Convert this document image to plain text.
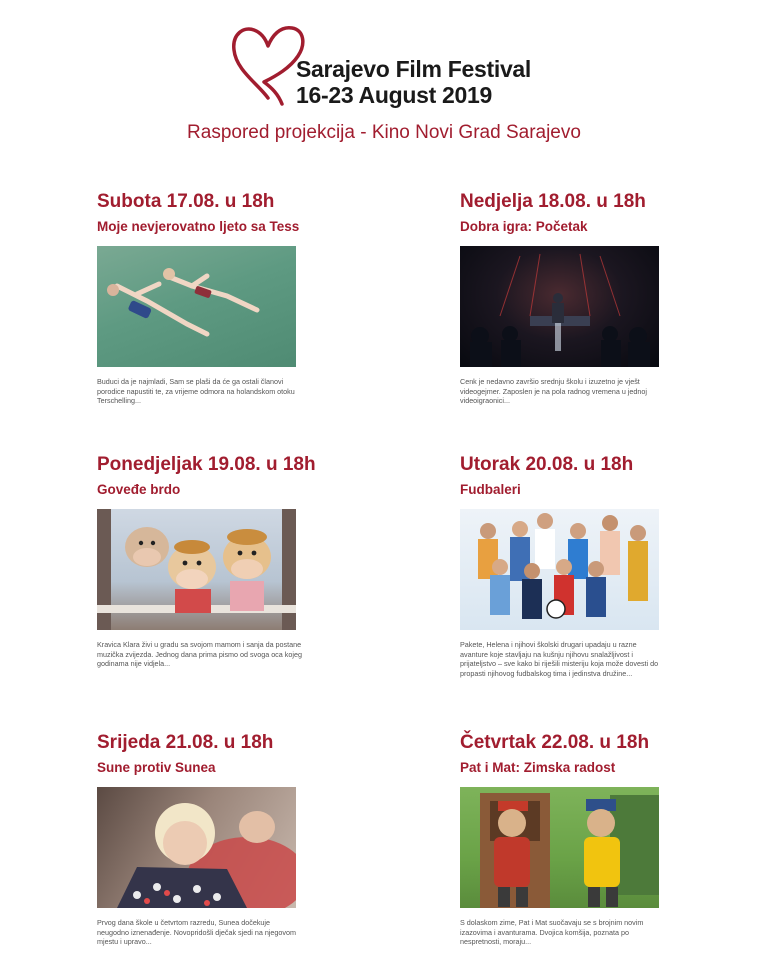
Sarajevo Film Festival
16-23 August 2019
Raspored projekcija - Kino Novi Grad Sarajevo
Subota 17.08. u 18h
Moje nevjerovatno ljeto sa Tess
Buduci da je najmladi, Sam se plaši da će ga ostali članovi porodice napustiti te, za vrijeme odmora na holandskom otoku Terschelling...
Nedjelja 18.08. u 18h
Dobra igra: Početak
Cenk je nedavno završio srednju školu i izuzetno je vješt videogejmer. Zaposlen je na pola radnog vremena u jednoj videoigraonici...
Ponedjeljak 19.08. u 18h
Goveđe brdo
Kravica Klara živi u gradu sa svojom mamom i sanja da postane muzička zvijezda. Jednog dana prima pismo od svoga oca kojeg godinama nije vidjela...
Utorak 20.08. u 18h
Fudbaleri
Pakete, Helena i njihovi školski drugari upadaju u razne avanture koje stavljaju na kušnju njihovu snalažljivost i prijateljstvo – sve kako bi riješili misteriju koja može dovesti do propasti njihovog fudbalskog tima i jedinstva družine...
Srijeda 21.08. u 18h
Sune protiv Sunea
Prvog dana škole u četvrtom razredu, Sunea dočekuje neugodno iznenađenje. Novopridošli dječak sjedi na njegovom mjestu i upravo...
Četvrtak 22.08. u 18h
Pat i Mat: Zimska radost
S dolaskom zime, Pat i Mat suočavaju se s brojnim novim izazovima i avanturama. Dvojica komšija, poznata po nespretnosti, moraju...
